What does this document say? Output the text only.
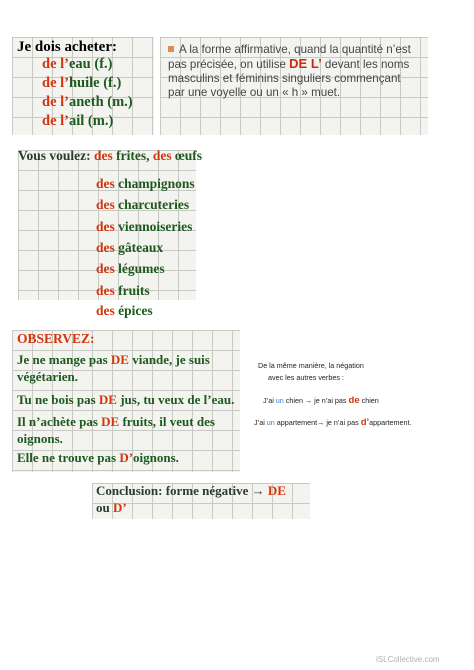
Je dois acheter:
de l’eau (f.)
de l’huile (f.)
de l’aneth (m.)
de l’ail (m.)
A la forme affirmative, quand la quantité n’est pas précisée, on utilise DE L’ devant les noms masculins et féminins singuliers commençant par une voyelle ou un « h » muet.
Vous voulez: des frites, des œufs
des champignons
des charcuteries
des viennoiseries
des gâteaux
des légumes
des fruits
des épices
OBSERVEZ:
Je ne mange pas DE viande, je suis
végétarien.
Tu ne bois pas DE jus, tu veux de l’eau.
Il n’achète pas DE fruits, il veut des
oignons.
Elle ne trouve pas D’oignons.
De la même manière, la négation
avec les autres verbes :
J’ai un chien → je n’ai pas de chien
J’ai un appartement→ je n’ai pas d’appartement.
Conclusion: forme négative → DE
ou D’
iSLCollective.com
